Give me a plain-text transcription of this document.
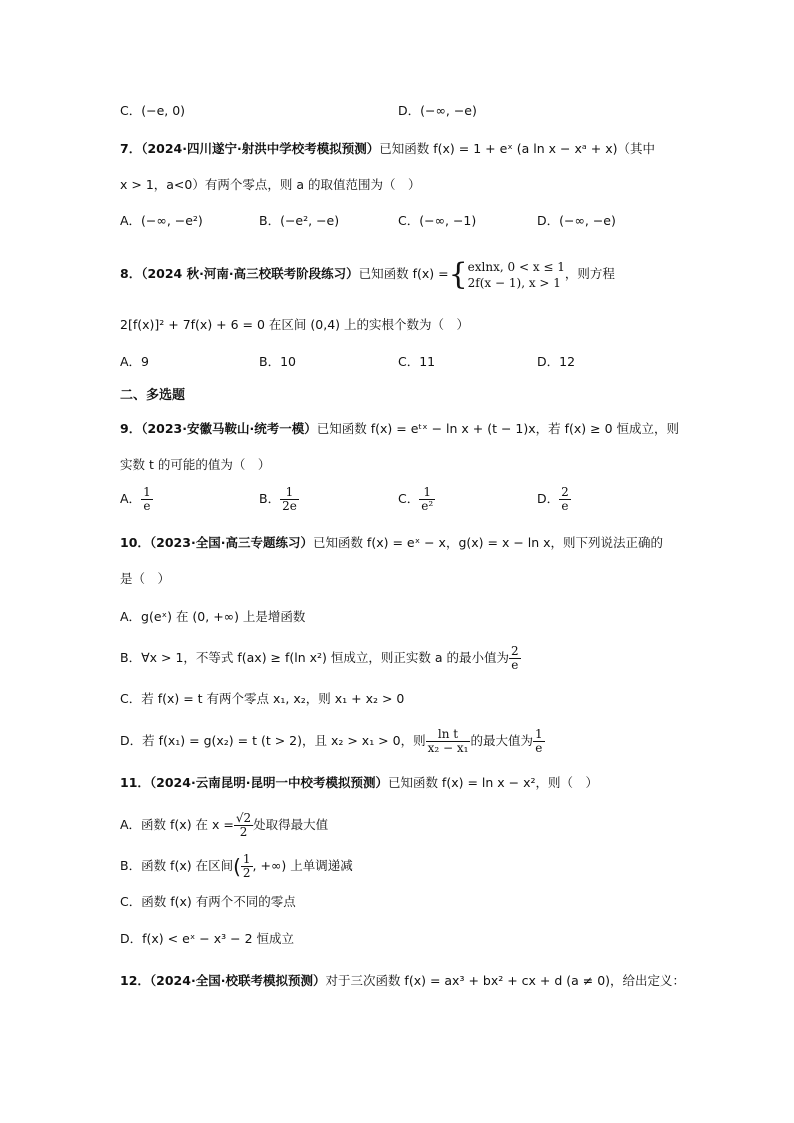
C．(−e, 0)	D．(−∞, −e)
7．（2024·四川遂宁·射洪中学校考模拟预测）已知函数 f(x) = 1 + eˣ (a ln x − xᵃ + x)（其中
x > 1，a<0）有两个零点，则 a 的取值范围为（　）
A．(−∞, −e²)	B．(−e², −e)	C．(−∞, −1)	D．(−∞, −e)
8．（2024 秋·河南·高三校联考阶段练习）已知函数 f(x) ={ exlnx, 0 < x ≤ 1
2f(x − 1), x > 1
，则方程
2[f(x)]² + 7f(x) + 6 = 0 在区间 (0,4) 上的实根个数为（　）
A．9	B．10	C．11	D．12
二、多选题
9．（2023·安徽马鞍山·统考一模）已知函数 f(x) = eᵗˣ − ln x + (t − 1)x，若 f(x) ≥ 0 恒成立，则
实数 t 的可能的值为（　）
A． $\frac{1}{e}$	B． $\frac{1}{2e}$	C． $\frac{1}{\text{e²}}$	D． $\frac{2}{e}$
10．（2023·全国·高三专题练习）已知函数 f(x) = eˣ − x，g(x) = x − ln x，则下列说法正确的
是（　）
A．g(eˣ) 在 (0, +∞) 上是增函数
B．∀x > 1，不等式 f(ax) ≥ f(ln x²) 恒成立，则正实数 a 的最小值为 $\frac{2}{e}$
C．若 f(x) = t 有两个零点 x₁, x₂，则 x₁ + x₂ > 0
D．若 f(x₁) = g(x₂) = t (t > 2)，且 x₂ > x₁ > 0，则 $\frac{\text{ln t}}{\text{x₂ − x₁}}$ 的最大值为 $\frac{1}{e}$
11．（2024·云南昆明·昆明一中校考模拟预测）已知函数 f(x) = ln x − x²，则（　）
A．函数 f(x) 在 $x = \frac{√2}{2}$ 处取得最大值
B．函数 f(x) 在区间( $\frac{1}{2}$ , +∞) 上单调递减
C．函数 f(x) 有两个不同的零点
D．f(x) < eˣ − x³ − 2 恒成立
12．（2024·全国·校联考模拟预测）对于三次函数 f(x) = ax³ + bx² + cx + d (a ≠ 0)，给出定义：
